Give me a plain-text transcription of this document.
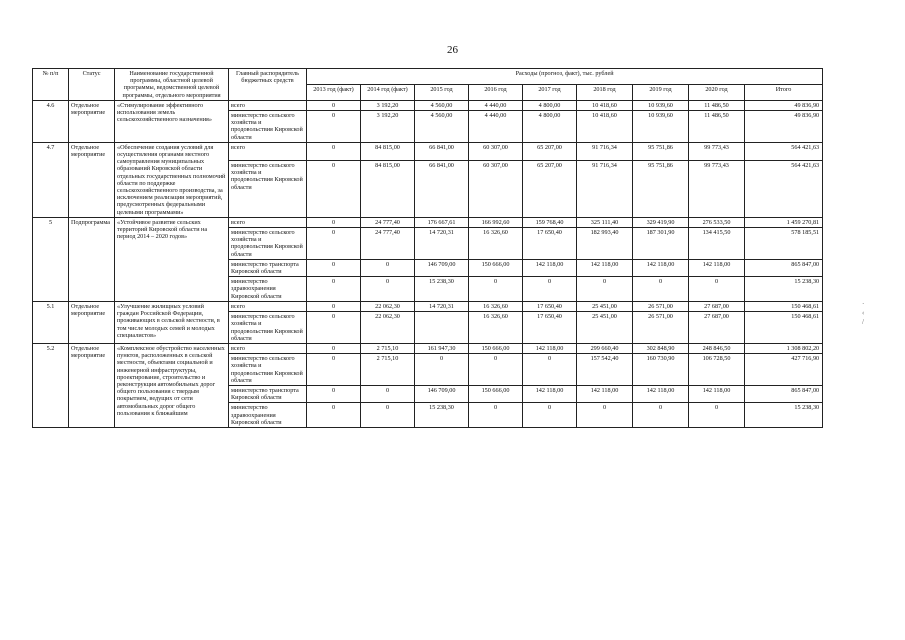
26
№ п/п	Статус	Наименование государственной программы, областной целевой программы, ведомственной целевой программы, отдельного мероприятия	Главный распорядитель бюджетных средств	Расходы (прогноз, факт), тыс. рублей								
				2013 год (факт)	2014 год (факт)	2015 год	2016 год	2017 год	2018 год	2019 год	2020 год	Итого
4.6	Отдельное мероприятие	«Стимулирование эффективного использования земель сельскохозяйственного назначения»	всего	0	3 192,20	4 560,00	4 440,00	4 800,00	10 418,60	10 939,60	11 486,50	49 836,90
			министерство сельского хозяйства и продовольствия Кировской области	0	3 192,20	4 560,00	4 440,00	4 800,00	10 418,60	10 939,60	11 486,50	49 836,90
4.7	Отдельное мероприятие	«Обеспечение создания условий для осуществления органами местного самоуправления муниципальных образований Кировской области отдельных государственных полномочий области по поддержке сельскохозяйственного производства, за исключением реализации мероприятий, предусмотренных федеральными целевыми программами»	всего	0	84 815,00	66 841,00	60 307,00	65 207,00	91 716,34	95 751,86	99 773,43	564 421,63
			министерство сельского хозяйства и продовольствия Кировской области	0	84 815,00	66 841,00	60 307,00	65 207,00	91 716,34	95 751,86	99 773,43	564 421,63
5	Подпрограмма	«Устойчивое развитие сельских территорий Кировской области на период 2014 – 2020 годов»	всего	0	24 777,40	176 667,61	166 992,60	159 768,40	325 111,40	329 419,90	276 533,50	1 459 270,81
			министерство сельского хозяйства и продовольствия Кировской области	0	24 777,40	14 720,31	16 326,60	17 650,40	182 993,40	187 301,90	134 415,50	578 185,51
			министерство транспорта Кировской области	0	0	146 709,00	150 666,00	142 118,00	142 118,00	142 118,00	142 118,00	865 847,00
			министерство здравоохранения Кировской области	0	0	15 238,30	0	0	0	0	0	15 238,30
5.1	Отдельное мероприятие	«Улучшение жилищных условий граждан Российской Федерации, проживающих в сельской местности, в том числе молодых семей и молодых специалистов»	всего	0	22 062,30	14 720,31	16 326,60	17 650,40	25 451,00	26 571,00	27 687,00	150 468,61
			министерство сельского хозяйства и продовольствия Кировской области	0	22 062,30		16 326,60	17 650,40	25 451,00	26 571,00	27 687,00	150 468,61
5.2	Отдельное мероприятие	«Комплексное обустройство населенных пунктов, расположенных в сельской местности, объектами социальной и инженерной инфраструктуры, проектирование, строительство и реконструкция автомобильных дорог общего пользования с твердым покрытием, ведущих от сети автомобильных дорог общего пользования к ближайшим	всего	0	2 715,10	161 947,30	150 666,00	142 118,00	299 660,40	302 848,90	248 846,50	1 308 802,20
			министерство сельского хозяйства и продовольствия Кировской области	0	2 715,10	0	0	0	157 542,40	160 730,90	106 728,50	427 716,90
			министерство транспорта Кировской области	0	0	146 709,00	150 666,00	142 118,00	142 118,00	142 118,00	142 118,00	865 847,00
			министерство здравоохранения Кировской области	0	0	15 238,30	0	0	0	0	0	15 238,30
·
‹
/
